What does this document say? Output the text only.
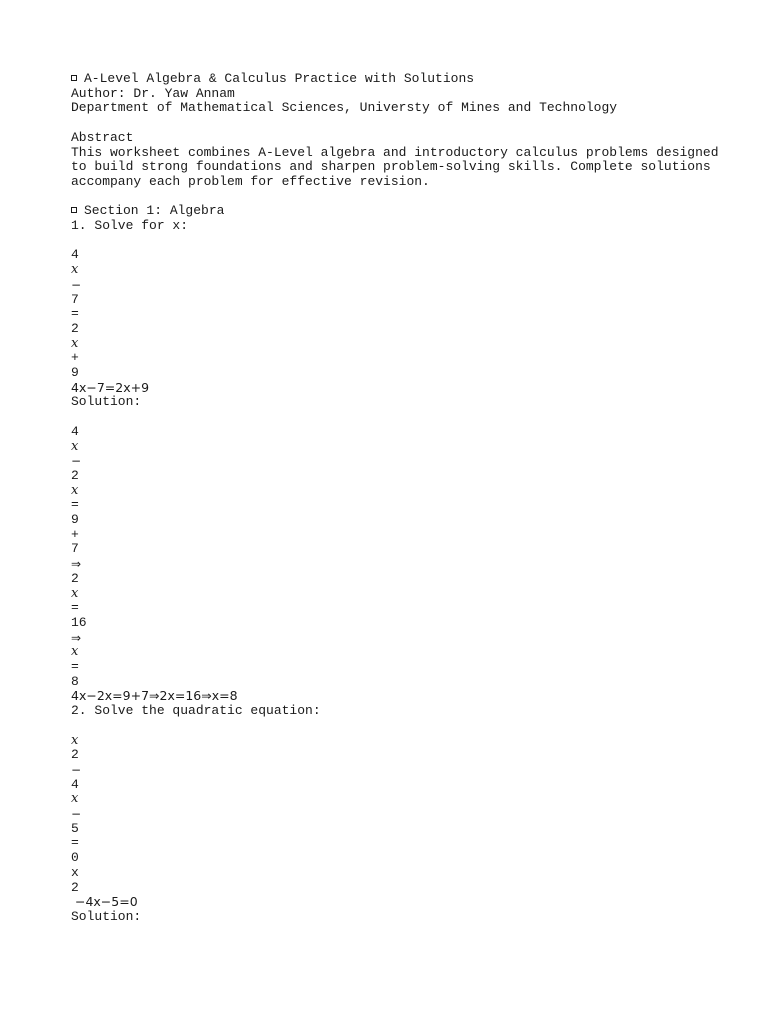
A-Level Algebra & Calculus Practice with Solutions
Author: Dr. Yaw Annam
Department of Mathematical Sciences, Universty of Mines and Technology
Abstract
This worksheet combines A-Level algebra and introductory calculus problems designed
to build strong foundations and sharpen problem-solving skills. Complete solutions
accompany each problem for effective revision.
Section 1: Algebra
1. Solve for x:
4
x
−
7
=
2
x
+
9
4x−7=2x+9
Solution:
4
x
−
2
x
=
9
+
7
⇒
2
x
=
16
⇒
x
=
8
4x−2x=9+7⇒2x=16⇒x=8
2. Solve the quadratic equation:
x
2
−
4
x
−
5
=
0
x
2
−4x−5=0
Solution:
